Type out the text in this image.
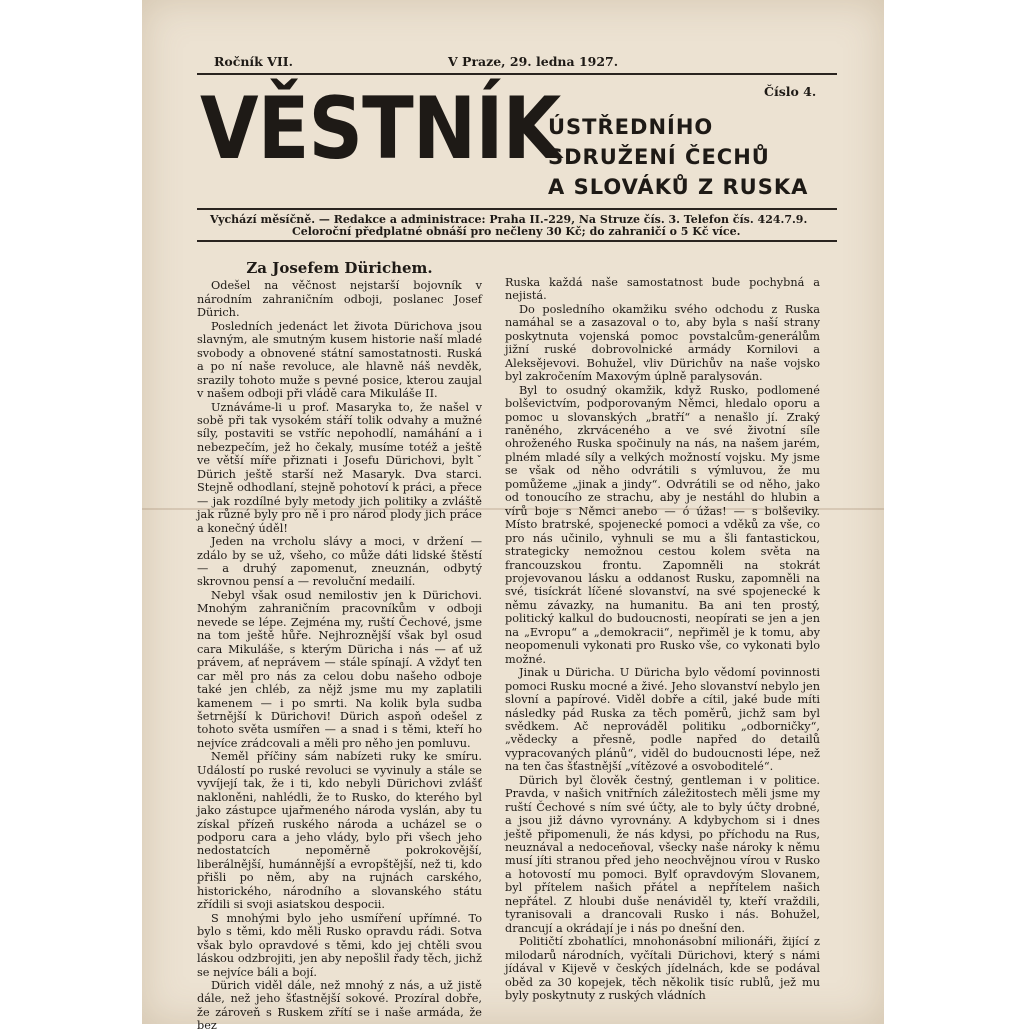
Ročník VII.	V Praze, 29. ledna 1927.
Číslo 4.
VĚSTNÍK
ÚSTŘEDNÍHO
SDRUŽENÍ ČECHŮ
A SLOVÁKŮ Z RUSKA
Vychází měsíčně. — Redakce a administrace: Praha II.-229, Na Struze čís. 3. Telefon čís. 424.7.9.
Celoroční předplatné obnáší pro nečleny 30 Kč; do zahraničí o 5 Kč více.
Za Josefem Dürichem.

Odešel na věčnost nejstarší bojovník v národním zahraničním odboji, poslanec Josef Dürich.

Posledních jedenáct let života Dürichova jsou slavným, ale smutným kusem historie naší mladé svobody a obnovené státní samostatnosti. Ruská a po ní naše revoluce, ale hlavně náš nevděk, srazily tohoto muže s pevné posice, kterou zaujal v našem odboji při vládě cara Mikuláše II.

Uznáváme-li u prof. Masaryka to, že našel v sobě při tak vysokém stáří tolik odvahy a mužné síly, postaviti se vstříc nepohodlí, namáhání a i nebezpečím, jež ho čekaly, musíme totéž a ještě ve větší míře přiznati i Josefu Dürichovi, byltˇ Dürich ještě starší než Masaryk. Dva starci. Stejně odhodlaní, stejně pohotoví k práci, a přece — jak rozdílné byly metody jich politiky a zvláště jak různé byly pro ně i pro národ plody jich práce a konečný úděl!

Jeden na vrcholu slávy a moci, v držení — zdálo by se už, všeho, co může dáti lidské štěstí — a druhý zapomenut, zneuznán, odbytý skrovnou pensí a — revoluční medailí.

Nebyl však osud nemilostiv jen k Dürichovi. Mnohým zahraničním pracovníkům v odboji nevede se lépe. Zejména my, ruští Čechové, jsme na tom ještě hůře. Nejhroznější však byl osud cara Mikuláše, s kterým Düricha i nás — ať už právem, ať neprávem — stále spínají. A vždyť ten car měl pro nás za celou dobu našeho odboje také jen chléb, za nějž jsme mu my zaplatili kamenem — i po smrti. Na kolik byla sudba šetrnější k Dürichovi! Dürich aspoň odešel z tohoto světa usmířen — a snad i s těmi, kteří ho nejvíce zrádcovali a měli pro něho jen pomluvu.

Neměl příčiny sám nabízeti ruky ke smíru. Událostí po ruské revoluci se vyvinuly a stále se vyvíjejí tak, že i ti, kdo nebyli Dürichovi zvlášť nakloněni, nahlédli, že to Rusko, do kterého byl jako zástupce ujařmeného národa vyslán, aby tu získal přízeň ruského národa a ucházel se o podporu cara a jeho vlády, bylo při všech jeho nedostatcích nepoměrně pokrokovější, liberálnější, humánnější a evropštější, než ti, kdo přišli po něm, aby na rujnách carského, historického, národního a slovanského státu zřídili si svoji asiatskou despocii.

S mnohými bylo jeho usmíření upřímné. To bylo s těmi, kdo měli Rusko opravdu rádi. Sotva však bylo opravdové s těmi, kdo jej chtěli svou láskou odzbrojiti, jen aby nepošlil řady těch, jichž se nejvíce báli a bojí.

Dürich viděl dále, než mnohý z nás, a už jistě dále, než jeho šťastnější sokové. Prozíral dobře, že zároveň s Ruskem zřítí se i naše armáda, že bez

Ruska každá naše samostatnost bude pochybná a nejistá.

Do posledního okamžiku svého odchodu z Ruska namáhal se a zasazoval o to, aby byla s naší strany poskytnuta vojenská pomoc povstalcům-generálům jižní ruské dobrovolnické armády Kornilovi a Aleksějevovi. Bohužel, vliv Dürichův na naše vojsko byl zakročením Maxovým úplně paralysován.

Byl to osudný okamžik, když Rusko, podlomené bolševictvím, podporovaným Němci, hledalo oporu a pomoc u slovanských „bratří“ a nenašlo jí. Zraký raněného, zkrváceného a ve své životní síle ohroženého Ruska spočinuly na nás, na našem jarém, plném mladé síly a velkých možností vojsku. My jsme se však od něho odvrátili s výmluvou, že mu pomůžeme „jinak a jindy“. Odvrátili se od něho, jako od tonoucího ze strachu, aby je nestáhl do hlubin a vírů boje s Němci anebo — ó úžas! — s bolševiky. Místo bratrské, spojenecké pomoci a vděků za vše, co pro nás učinilo, vyhnuli se mu a šli fantastickou, strategicky nemožnou cestou kolem světa na francouzskou frontu. Zapomněli na stokrát projevovanou lásku a oddanost Rusku, zapomněli na své, tisíckrát líčené slovanství, na své spojenecké k němu závazky, na humanitu. Ba ani ten prostý, politický kalkul do budoucnosti, neopírati se jen a jen na „Evropu“ a „demokracii“, nepřiměl je k tomu, aby neopomenuli vykonati pro Rusko vše, co vykonati bylo možné.

Jinak u Düricha. U Düricha bylo vědomí povinnosti pomoci Rusku mocné a živé. Jeho slovanství nebylo jen slovní a papírové. Viděl dobře a cítil, jaké bude míti následky pád Ruska za těch poměrů, jichž sam byl svědkem. Ač neprováděl politiku „odborničky“, „vědecky a přesně, podle napřed do detailů vypracovaných plánů“, viděl do budoucnosti lépe, než na ten čas šťastnější „vítězové a osvoboditelé“.

Dürich byl člověk čestný, gentleman i v politice. Pravda, v našich vnitřních záležitostech měli jsme my ruští Čechové s ním své účty, ale to byly účty drobné, a jsou již dávno vyrovnány. A kdybychom si i dnes ještě připomenuli, že nás kdysi, po příchodu na Rus, neuznával a nedoceňoval, všecky naše nároky k němu musí jíti stranou před jeho neochvějnou vírou v Rusko a hotovostí mu pomoci. Bylť opravdovým Slovanem, byl přítelem našich přátel a nepřítelem našich nepřátel. Z hloubi duše nenáviděl ty, kteří vraždili, tyranisovali a drancovali Rusko i nás. Bohužel, drancují a okrádají je i nás po dnešní den.

Političtí zbohatlíci, mnohonásobní milionáři, žijící z milodarů národních, vyčítali Dürichovi, který s námi jídával v Kijevě v českých jídelnách, kde se podával oběd za 30 kopejek, těch několik tisíc rublů, jež mu byly poskytnuty z ruských vládních
